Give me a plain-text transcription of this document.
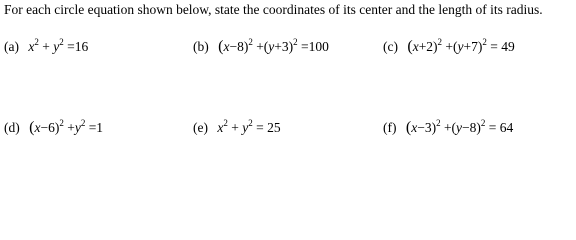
For each circle equation shown below, state the coordinates of its center and the length of its radius.
(a) $x^2 + y^2 =16$	(b) $(x-8)^2 +(y+3)^2 =100$	(c) $(x+2)^2 +(y+7)^2 = 49$
(d) $(x-6)^2 +y^2 =1$	(e) $x^2 + y^2 = 25$	(f) $(x-3)^2 +(y-8)^2 = 64$
